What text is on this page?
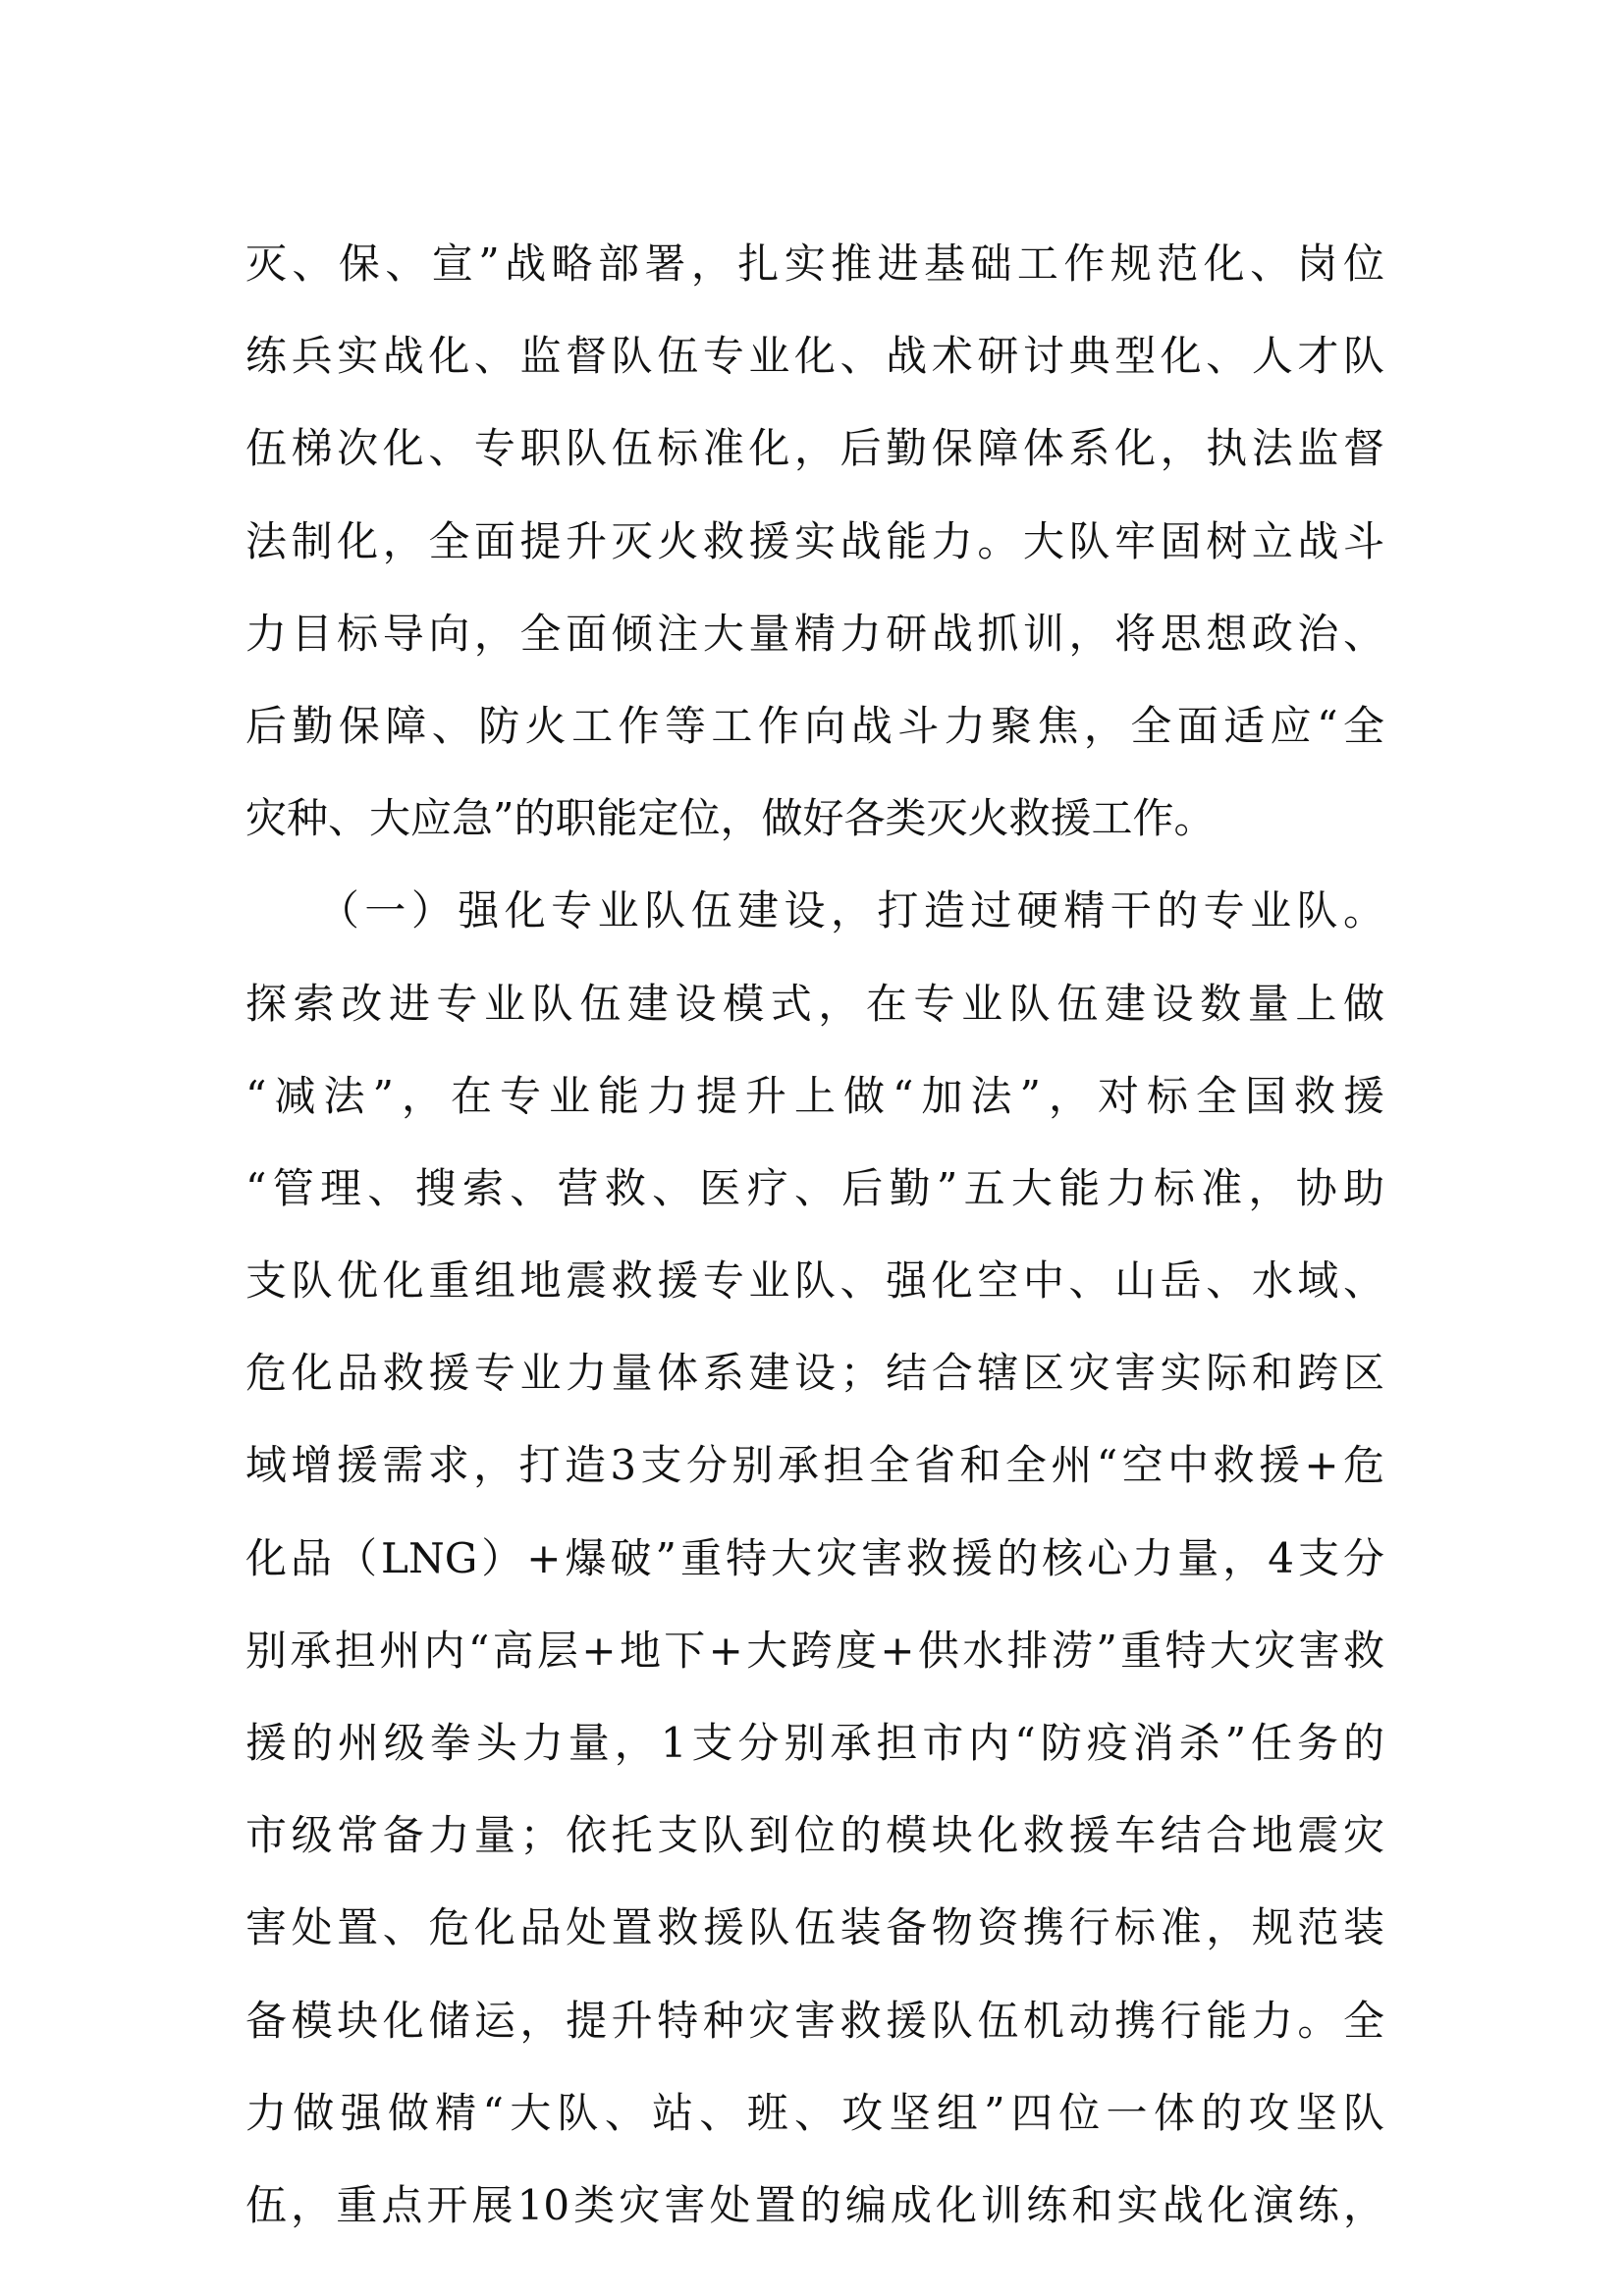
灭、保、宣”战略部署，扎实推进基础工作规范化、岗位
练兵实战化、监督队伍专业化、战术研讨典型化、人才队
伍梯次化、专职队伍标准化，后勤保障体系化，执法监督
法制化，全面提升灭火救援实战能力。大队牢固树立战斗
力目标导向，全面倾注大量精力研战抓训，将思想政治、
后勤保障、防火工作等工作向战斗力聚焦，全面适应“全
灾种、大应急”的职能定位，做好各类灭火救援工作。
　　（一）强化专业队伍建设，打造过硬精干的专业队。
探索改进专业队伍建设模式，在专业队伍建设数量上做
“减法”，在专业能力提升上做“加法”，对标全国救援
“管理、搜索、营救、医疗、后勤”五大能力标准，协助
支队优化重组地震救援专业队、强化空中、山岳、水域、
危化品救援专业力量体系建设；结合辖区灾害实际和跨区
域增援需求，打造3支分别承担全省和全州“空中救援+危
化品（LNG）+爆破”重特大灾害救援的核心力量，4支分
别承担州内“高层+地下+大跨度+供水排涝”重特大灾害救
援的州级拳头力量，1支分别承担市内“防疫消杀”任务的
市级常备力量；依托支队到位的模块化救援车结合地震灾
害处置、危化品处置救援队伍装备物资携行标准，规范装
备模块化储运，提升特种灾害救援队伍机动携行能力。全
力做强做精“大队、站、班、攻坚组”四位一体的攻坚队
伍，重点开展10类灾害处置的编成化训练和实战化演练，
